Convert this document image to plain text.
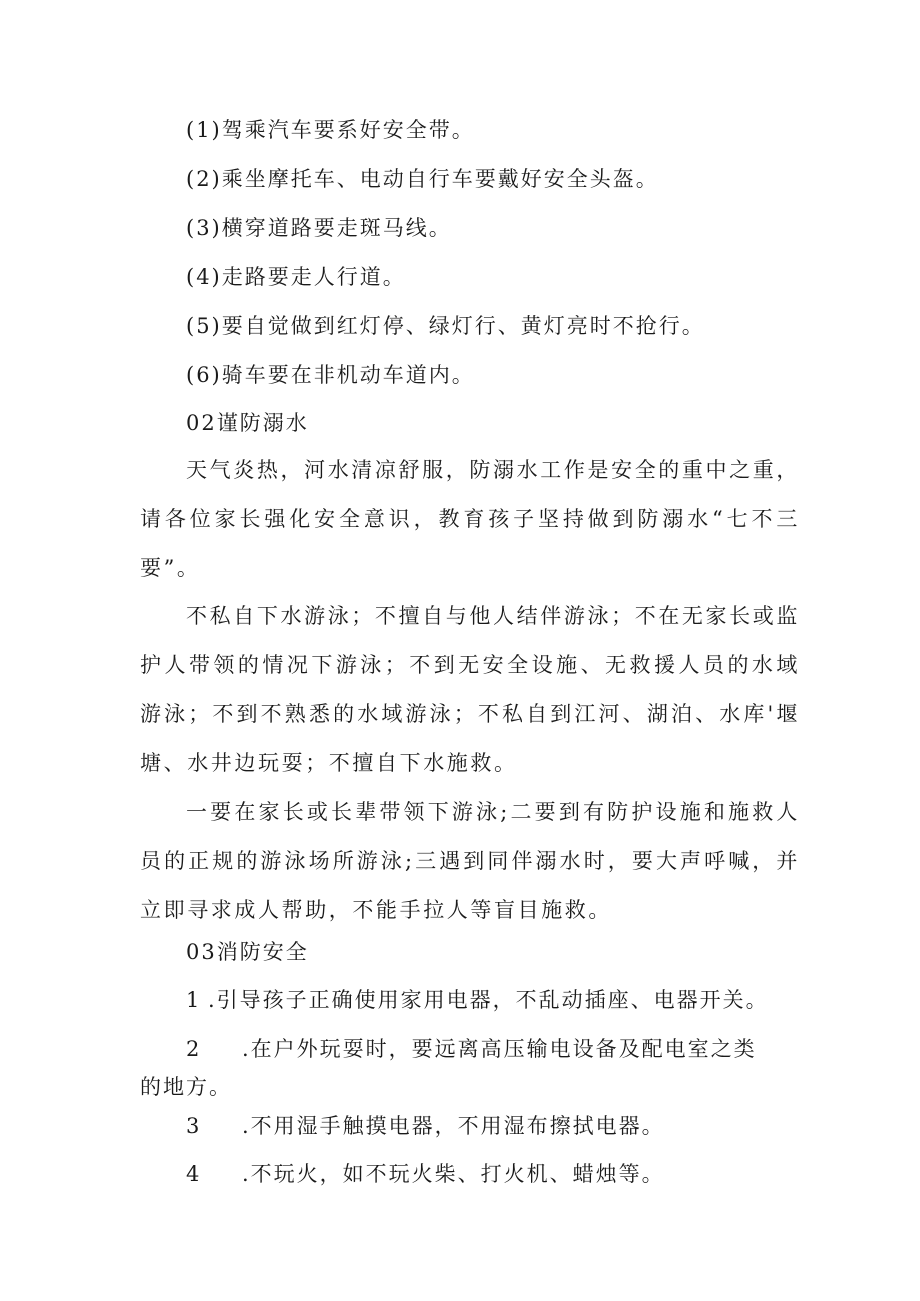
(1)驾乘汽车要系好安全带。
(2)乘坐摩托车、电动自行车要戴好安全头盔。
(3)横穿道路要走斑马线。
(4)走路要走人行道。
(5)要自觉做到红灯停、绿灯行、黄灯亮时不抢行。
(6)骑车要在非机动车道内。
02谨防溺水
天气炎热，河水清凉舒服，防溺水工作是安全的重中之重，请各位家长强化安全意识，教育孩子坚持做到防溺水“七不三要”。
不私自下水游泳；不擅自与他人结伴游泳；不在无家长或监护人带领的情况下游泳；不到无安全设施、无救援人员的水域游泳；不到不熟悉的水域游泳；不私自到江河、湖泊、水库'堰塘、水井边玩耍；不擅自下水施救。
一要在家长或长辈带领下游泳;二要到有防护设施和施救人员的正规的游泳场所游泳;三遇到同伴溺水时，要大声呼喊，并立即寻求成人帮助，不能手拉人等盲目施救。
03消防安全
1 .引导孩子正确使用家用电器，不乱动插座、电器开关。
2 .在户外玩耍时，要远离高压输电设备及配电室之类
的地方。
3 .不用湿手触摸电器，不用湿布擦拭电器。
4 .不玩火，如不玩火柴、打火机、蜡烛等。
